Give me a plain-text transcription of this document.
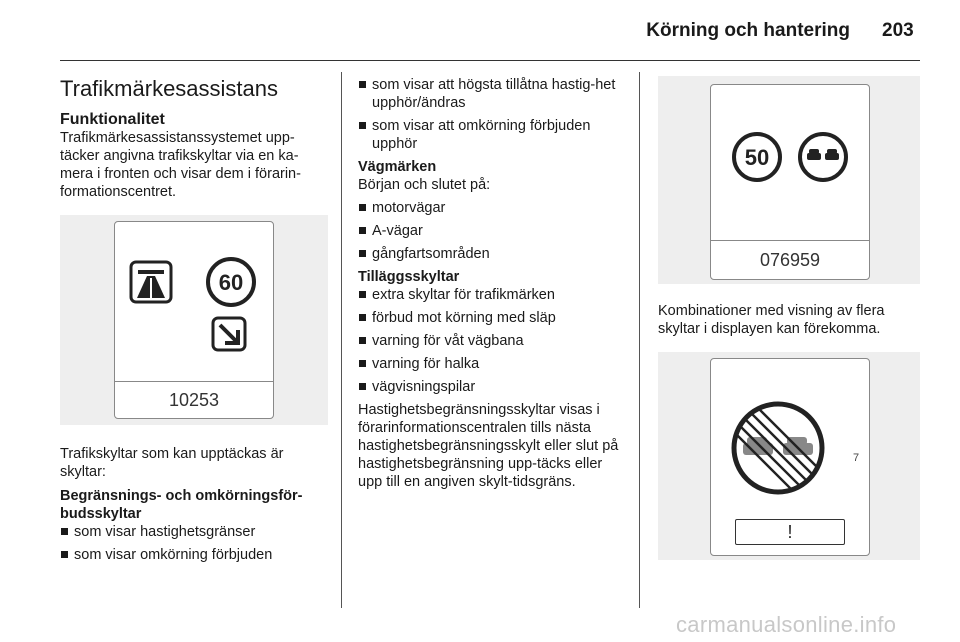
Körning och hantering 203
Trafikmärkesassistans
Funktionalitet

Trafikmärkesassistanssystemet upp-täcker angivna trafikskyltar via en ka-mera i fronten och visar dem i förarin-formationscentret.

60
10253

Trafikskyltar som kan upptäckas är skyltar:

Begränsnings- och omkörningsför-budsskyltar

som visar hastighetsgränser
som visar omkörning förbjuden
som visar att högsta tillåtna hastig-het upphör/ändras
som visar att omkörning förbjuden upphör

Vägmärken

Början och slutet på:

motorvägar
A-vägar
gångfartsområden

Tilläggsskyltar

extra skyltar för trafikmärken
förbud mot körning med släp
varning för våt vägbana
varning för halka
vägvisningspilar

Hastighetsbegränsningsskyltar visas i förarinformationscentralen tills nästa hastighetsbegränsningsskylt eller slut på hastighetsbegränsning upp-täcks eller upp till en angiven skylt-tidsgräns.

50
076959

Kombinationer med visning av flera skyltar i displayen kan förekomma.

7
!
carmanualsonline.info
